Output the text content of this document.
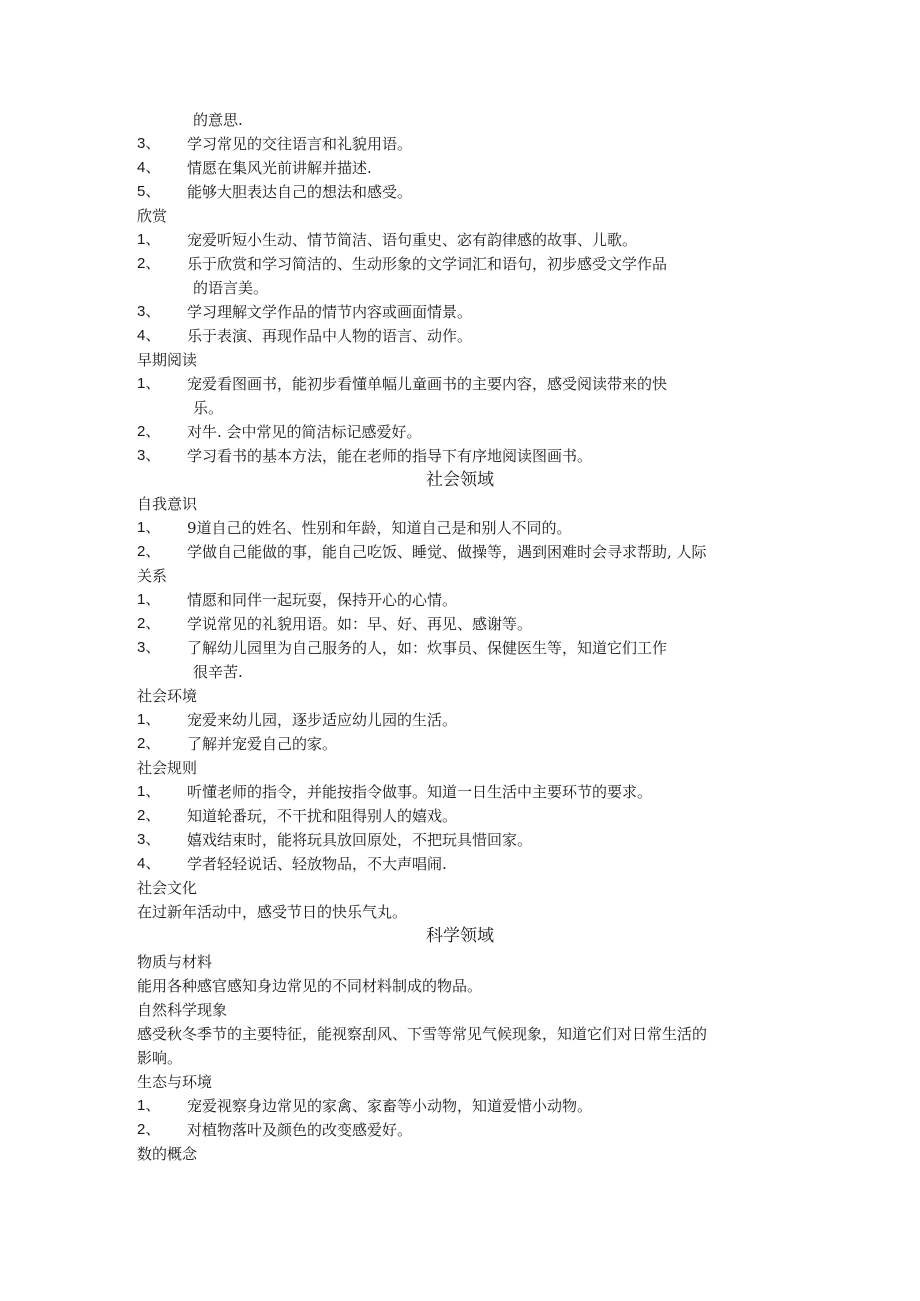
的意思.
3、 学习常见的交往语言和礼貌用语。
4、 情愿在集风光前讲解并描述.
5、 能够大胆表达自己的想法和感受。
欣赏
1、 宠爱听短小生动、情节简洁、语句重史、宓有韵律感的故事、儿歌。
2、 乐于欣赏和学习简洁的、生动形象的文学词汇和语句，初步感受文学作品
的语言美。
3、 学习理解文学作品的情节内容或画面情景。
4、 乐于表演、再现作品中人物的语言、动作。
早期阅读
1、 宠爱看图画书，能初步看懂单幅儿童画书的主要内容，感受阅读带来的快
乐。
2、 对牛. 会中常见的简洁标记感爱好。
3、 学习看书的基本方法，能在老师的指导下有序地阅读图画书。
社会领域
自我意识
1、 9道自己的姓名、性别和年龄，知道自己是和别人不同的。
2、 学做自己能做的事，能自己吃饭、睡觉、做操等，遇到困难时会寻求帮助, 人际
关系
1、 情愿和同伴一起玩耍，保持开心的心情。
2、 学说常见的礼貌用语。如：早、好、再见、感谢等。
3、 了解幼儿园里为自己服务的人，如：炊事员、保健医生等，知道它们工作
很辛苦.
社会环境
1、 宠爱来幼儿园，逐步适应幼儿园的生活。
2、 了解并宠爱自己的家。
社会规则
1、 听懂老师的指令，并能按指令做事。知道一日生活中主要环节的要求。
2、 知道轮番玩，不干扰和阻得别人的嬉戏。
3、 嬉戏结束时，能将玩具放回原处，不把玩具惜回家。
4、 学者轻轻说话、轻放物品，不大声唱闹.
社会文化
在过新年活动中，感受节日的快乐气丸。
科学领域
物质与材料
能用各种感官感知身边常见的不同材料制成的物品。
自然科学现象
感受秋冬季节的主要特征，能视察刮风、下雪等常见气候现象，知道它们对日常生活的
影响。
生态与环境
1、 宠爱视察身边常见的家禽、家畜等小动物，知道爱惜小动物。
2、 对植物落叶及颜色的改变感爱好。
数的概念
